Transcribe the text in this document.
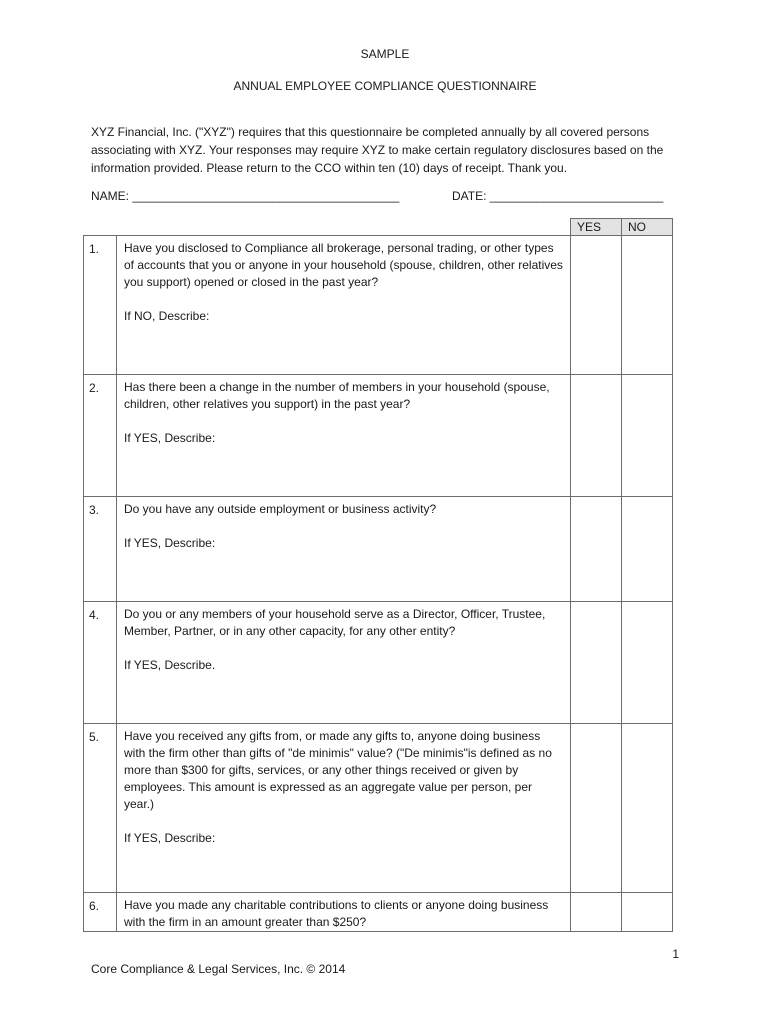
SAMPLE
ANNUAL EMPLOYEE COMPLIANCE QUESTIONNAIRE
XYZ Financial, Inc. ("XYZ") requires that this questionnaire be completed annually by all covered persons associating with XYZ. Your responses may require XYZ to make certain regulatory disclosures based on the information provided. Please return to the CCO within ten (10) days of receipt. Thank you.
NAME: ________________________________________	DATE: __________________________
		YES	NO
1.	Have you disclosed to Compliance all brokerage, personal trading, or other types of accounts that you or anyone in your household (spouse, children, other relatives you support) opened or closed in the past year?

If NO, Describe:		

2.	Has there been a change in the number of members in your household (spouse, children, other relatives you support) in the past year?

If YES, Describe:		

3.	Do you have any outside employment or business activity?

If YES, Describe:		

4.	Do you or any members of your household serve as a Director, Officer, Trustee, Member, Partner, or in any other capacity, for any other entity?

If YES, Describe.		

5.	Have you received any gifts from, or made any gifts to, anyone doing business with the firm other than gifts of "de minimis" value? ("De minimis"is defined as no more than $300 for gifts, services, or any other things received or given by employees. This amount is expressed as an aggregate value per person, per year.)

If YES, Describe:		

6.	Have you made any charitable contributions to clients or anyone doing business with the firm in an amount greater than $250?		

1
Core Compliance & Legal Services, Inc. © 2014
